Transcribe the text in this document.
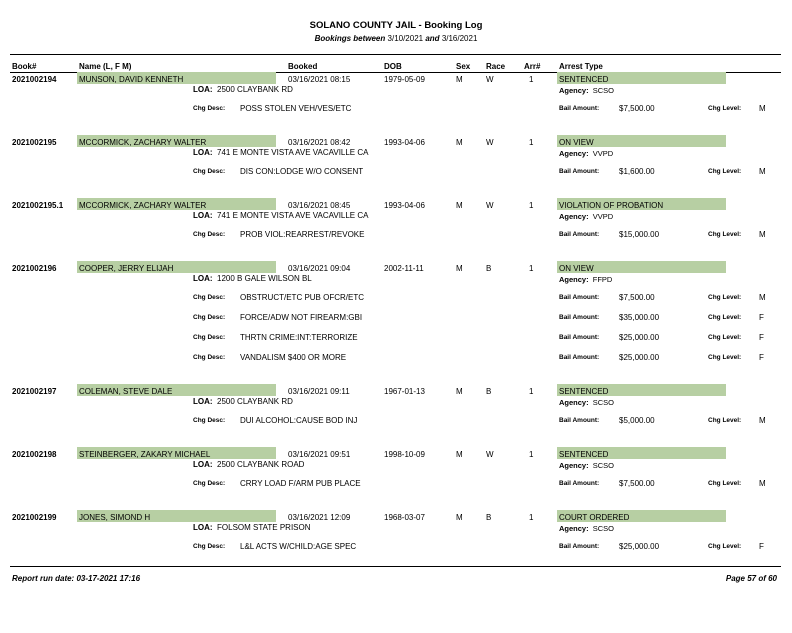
SOLANO COUNTY JAIL - Booking Log
Bookings between 3/10/2021 and 3/16/2021
Book#	Name (L, F M)	Booked	DOB	Sex Race Arr# Arrest Type
2021002194	MUNSON, DAVID KENNETH	03/16/2021 08:15	1979-05-09	M	W	1	SENTENCED
LOA: 2500 CLAYBANK RD	Agency: SCSO
Chg Desc: POSS STOLEN VEH/VES/ETC	Bail Amount: $7,500.00	Chg Level: M
2021002195	MCCORMICK, ZACHARY WALTER	03/16/2021 08:42	1993-04-06	M	W	1	ON VIEW
LOA: 741 E MONTE VISTA AVE VACAVILLE CA	Agency: VVPD
Chg Desc: DIS CON:LODGE W/O CONSENT	Bail Amount: $1,600.00	Chg Level: M
2021002195.1 MCCORMICK, ZACHARY WALTER	03/16/2021 08:45	1993-04-06	M	W	1	VIOLATION OF PROBATION
LOA: 741 E MONTE VISTA AVE VACAVILLE CA	Agency: VVPD
Chg Desc: PROB VIOL:REARREST/REVOKE	Bail Amount: $15,000.00	Chg Level: M
2021002196	COOPER, JERRY ELIJAH	03/16/2021 09:04	2002-11-11	M	B	1	ON VIEW
LOA: 1200 B GALE WILSON BL	Agency: FFPD
Chg Desc: OBSTRUCT/ETC PUB OFCR/ETC	Bail Amount: $7,500.00	Chg Level: M
Chg Desc: FORCE/ADW NOT FIREARM:GBI	Bail Amount: $35,000.00	Chg Level: F
Chg Desc: THRTN CRIME:INT:TERRORIZE	Bail Amount: $25,000.00	Chg Level: F
Chg Desc: VANDALISM $400 OR MORE	Bail Amount: $25,000.00	Chg Level: F
2021002197	COLEMAN, STEVE DALE	03/16/2021 09:11	1967-01-13	M	B	1	SENTENCED
LOA: 2500 CLAYBANK RD	Agency: SCSO
Chg Desc: DUI ALCOHOL:CAUSE BOD INJ	Bail Amount: $5,000.00	Chg Level: M
2021002198	STEINBERGER, ZAKARY MICHAEL	03/16/2021 09:51	1998-10-09	M	W	1	SENTENCED
LOA: 2500 CLAYBANK ROAD	Agency: SCSO
Chg Desc: CRRY LOAD F/ARM PUB PLACE	Bail Amount: $7,500.00	Chg Level: M
2021002199	JONES, SIMOND H	03/16/2021 12:09	1968-03-07	M	B	1	COURT ORDERED
LOA: FOLSOM STATE PRISON	Agency: SCSO
Chg Desc: L&L ACTS W/CHILD:AGE SPEC	Bail Amount: $25,000.00	Chg Level: F
Report run date: 03-17-2021 17:16	Page 57 of 60
